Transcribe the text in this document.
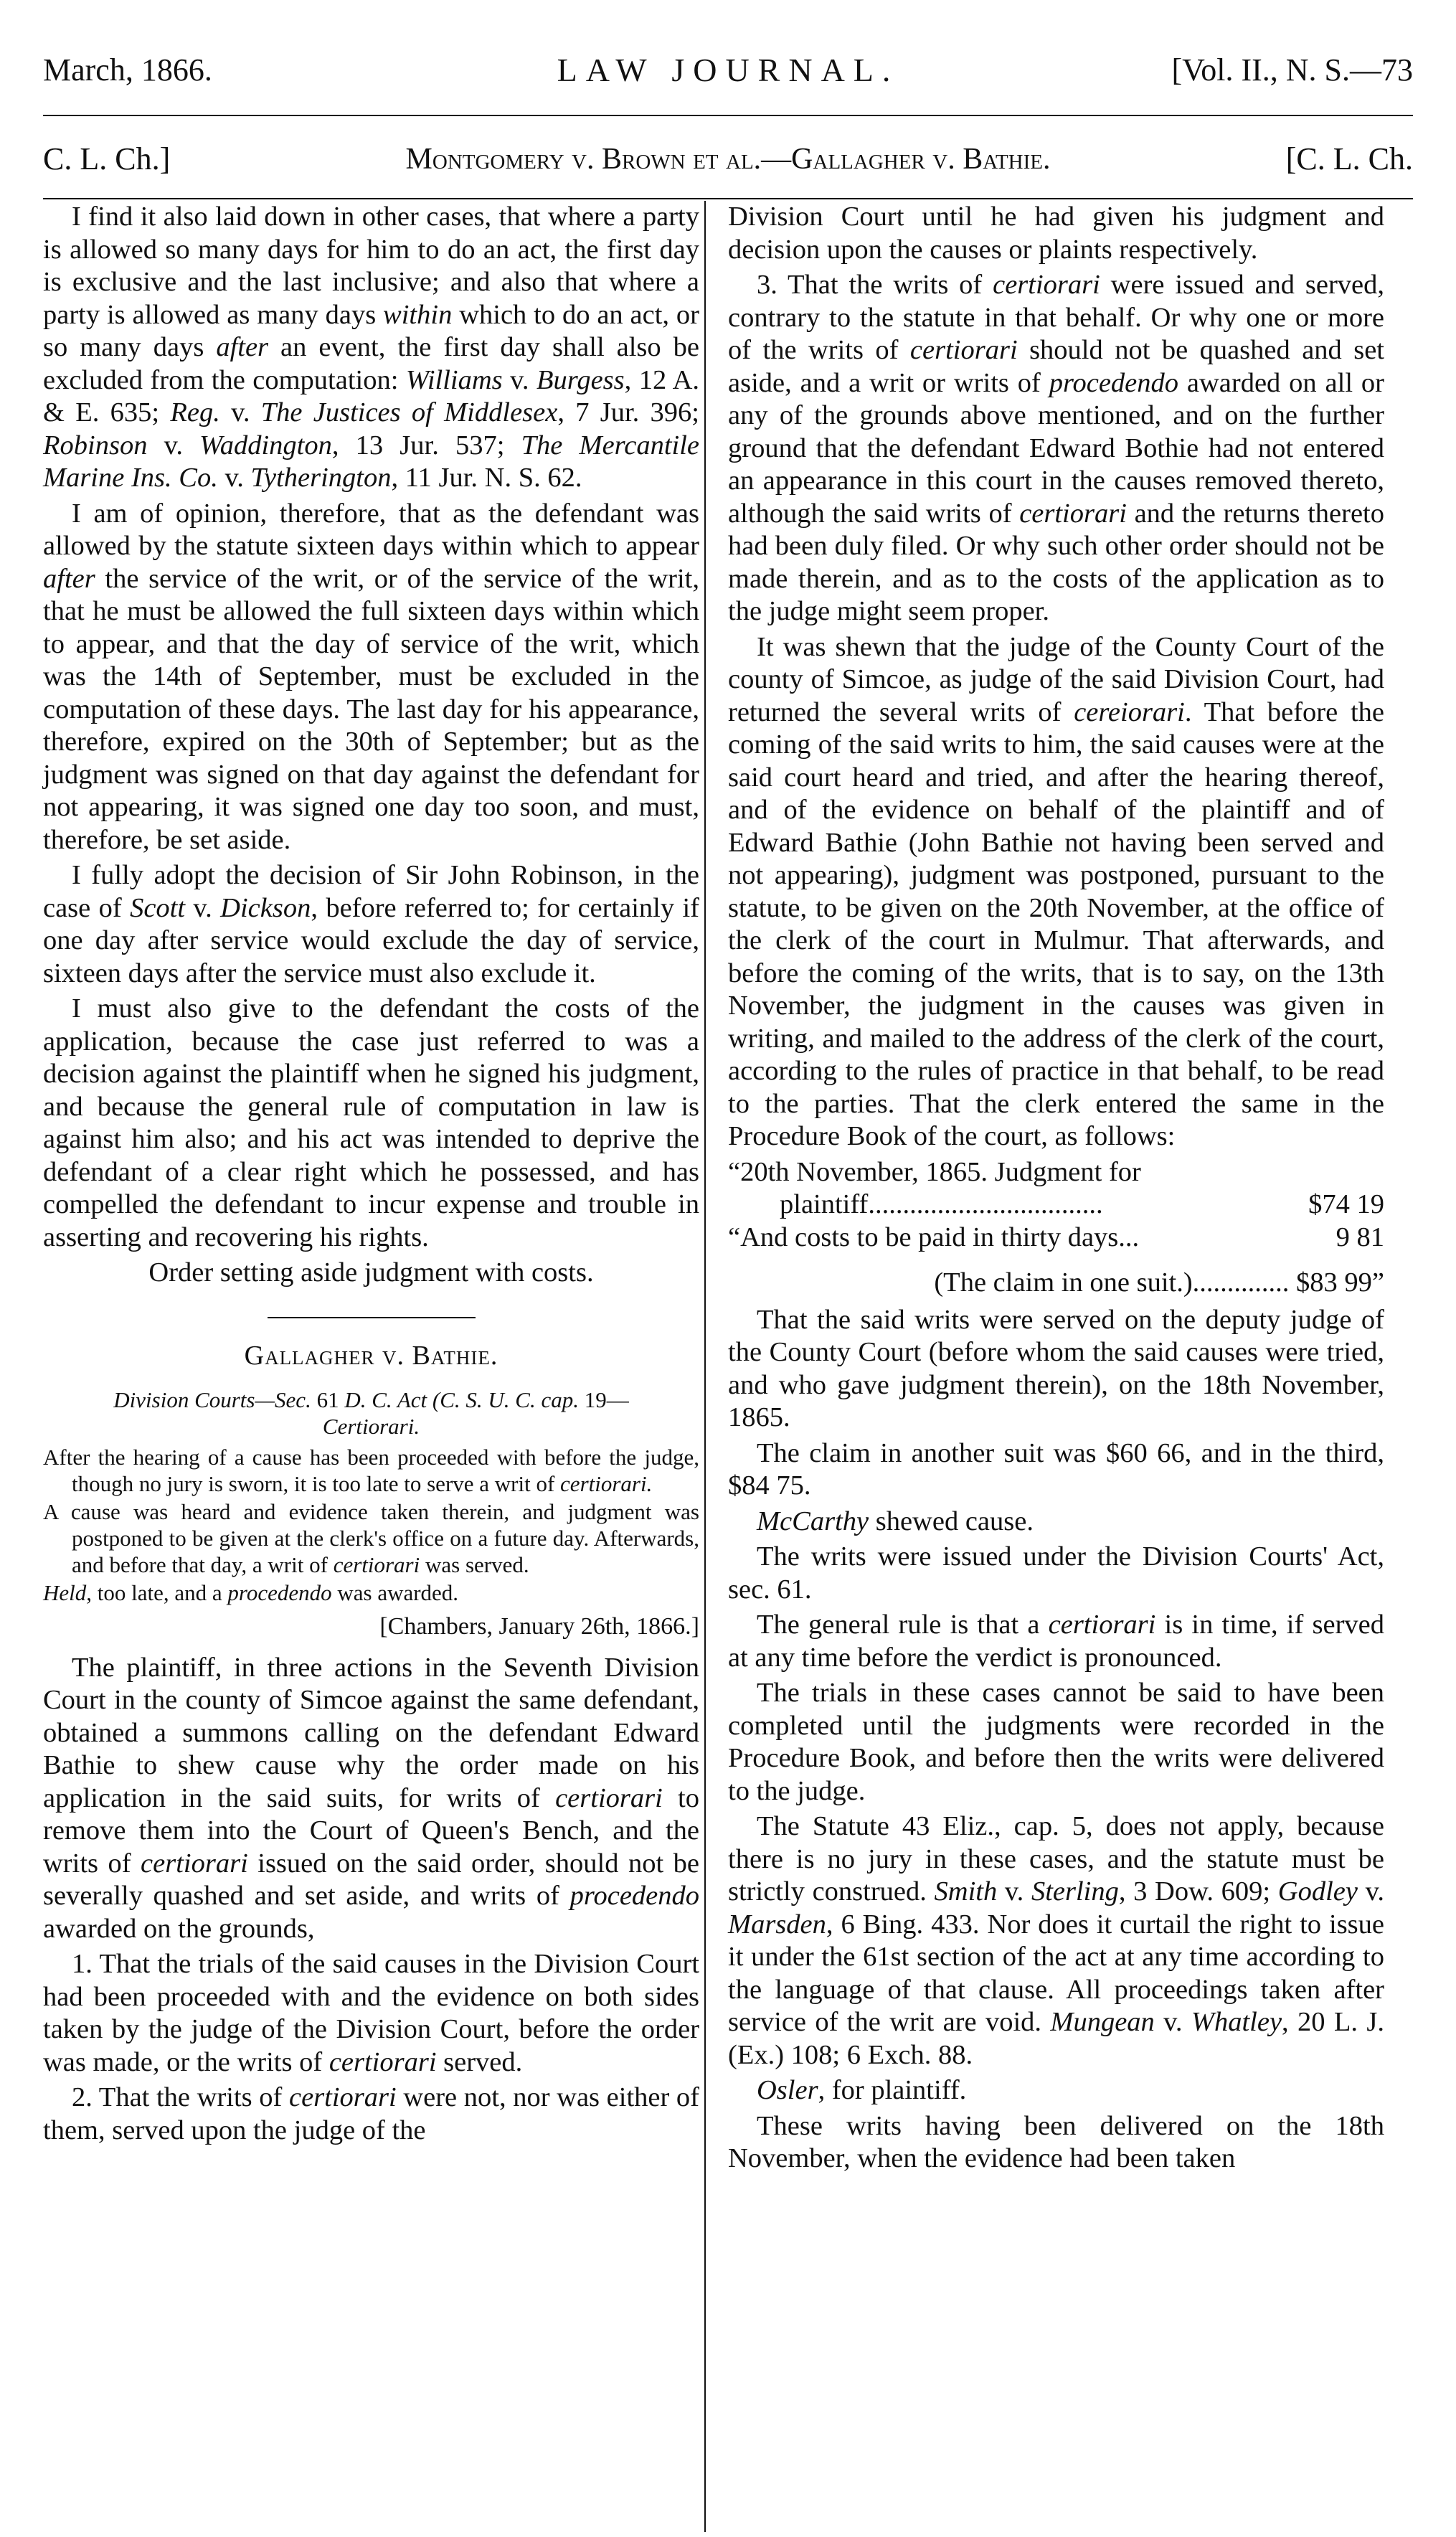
March, 1866.	LAW JOURNAL.	[Vol. II., N. S.—73
C. L. Ch.]	Montgomery v. Brown et al.—Gallagher v. Bathie.	[C. L. Ch.

I find it also laid down in other cases, that where a party is allowed so many days for him to do an act, the first day is exclusive and the last inclusive; and also that where a party is allowed as many days within which to do an act, or so many days after an event, the first day shall also be excluded from the computation: Williams v. Burgess, 12 A. & E. 635; Reg. v. The Justices of Middlesex, 7 Jur. 396; Robinson v. Waddington, 13 Jur. 537; The Mercantile Marine Ins. Co. v. Tytherington, 11 Jur. N. S. 62.

I am of opinion, therefore, that as the defendant was allowed by the statute sixteen days within which to appear after the service of the writ, or of the service of the writ, that he must be allowed the full sixteen days within which to appear, and that the day of service of the writ, which was the 14th of September, must be excluded in the computation of these days. The last day for his appearance, therefore, expired on the 30th of September; but as the judgment was signed on that day against the defendant for not appearing, it was signed one day too soon, and must, therefore, be set aside.

I fully adopt the decision of Sir John Robinson, in the case of Scott v. Dickson, before referred to; for certainly if one day after service would exclude the day of service, sixteen days after the service must also exclude it.

I must also give to the defendant the costs of the application, because the case just referred to was a decision against the plaintiff when he signed his judgment, and because the general rule of computation in law is against him also; and his act was intended to deprive the defendant of a clear right which he possessed, and has compelled the defendant to incur expense and trouble in asserting and recovering his rights.

Order setting aside judgment with costs.

Gallagher v. Bathie.

Division Courts—Sec. 61 D. C. Act (C. S. U. C. cap. 19— Certiorari.

After the hearing of a cause has been proceeded with before the judge, though no jury is sworn, it is too late to serve a writ of certiorari.

A cause was heard and evidence taken therein, and judgment was postponed to be given at the clerk's office on a future day. Afterwards, and before that day, a writ of certiorari was served.

Held, too late, and a procedendo was awarded.

[Chambers, January 26th, 1866.]

The plaintiff, in three actions in the Seventh Division Court in the county of Simcoe against the same defendant, obtained a summons calling on the defendant Edward Bathie to shew cause why the order made on his application in the said suits, for writs of certiorari to remove them into the Court of Queen's Bench, and the writs of certiorari issued on the said order, should not be severally quashed and set aside, and writs of procedendo awarded on the grounds,

1. That the trials of the said causes in the Division Court had been proceeded with and the evidence on both sides taken by the judge of the Division Court, before the order was made, or the writs of certiorari served.

2. That the writs of certiorari were not, nor was either of them, served upon the judge of the

Division Court until he had given his judgment and decision upon the causes or plaints respectively.

3. That the writs of certiorari were issued and served, contrary to the statute in that behalf. Or why one or more of the writs of certiorari should not be quashed and set aside, and a writ or writs of procedendo awarded on all or any of the grounds above mentioned, and on the further ground that the defendant Edward Bothie had not entered an appearance in this court in the causes removed thereto, although the said writs of certiorari and the returns thereto had been duly filed. Or why such other order should not be made therein, and as to the costs of the application as to the judge might seem proper.

It was shewn that the judge of the County Court of the county of Simcoe, as judge of the said Division Court, had returned the several writs of cereiorari. That before the coming of the said writs to him, the said causes were at the said court heard and tried, and after the hearing thereof, and of the evidence on behalf of the plaintiff and of Edward Bathie (John Bathie not having been served and not appearing), judgment was postponed, pursuant to the statute, to be given on the 20th November, at the office of the clerk of the court in Mulmur. That afterwards, and before the coming of the writs, that is to say, on the 13th November, the judgment in the causes was given in writing, and mailed to the address of the clerk of the court, according to the rules of practice in that behalf, to be read to the parties. That the clerk entered the same in the Procedure Book of the court, as follows:

“20th November, 1865. Judgment for	
plaintiff..................................	$74 19
“And costs to be paid in thirty days...	9 81

(The claim in one suit.).............. $83 99”

That the said writs were served on the deputy judge of the County Court (before whom the said causes were tried, and who gave judgment therein), on the 18th November, 1865.

The claim in another suit was $60 66, and in the third, $84 75.

McCarthy shewed cause.

The writs were issued under the Division Courts' Act, sec. 61.

The general rule is that a certiorari is in time, if served at any time before the verdict is pronounced.

The trials in these cases cannot be said to have been completed until the judgments were recorded in the Procedure Book, and before then the writs were delivered to the judge.

The Statute 43 Eliz., cap. 5, does not apply, because there is no jury in these cases, and the statute must be strictly construed. Smith v. Sterling, 3 Dow. 609; Godley v. Marsden, 6 Bing. 433. Nor does it curtail the right to issue it under the 61st section of the act at any time according to the language of that clause. All proceedings taken after service of the writ are void. Mungean v. Whatley, 20 L. J. (Ex.) 108; 6 Exch. 88.

Osler, for plaintiff.

These writs having been delivered on the 18th November, when the evidence had been taken
